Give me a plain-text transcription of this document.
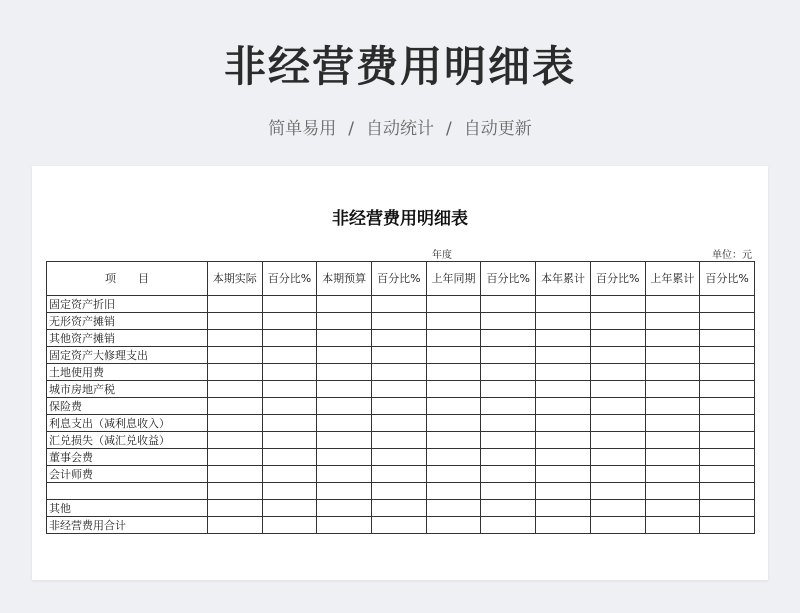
非经营费用明细表
简单易用 / 自动统计 / 自动更新
非经营费用明细表
年度	单位：元
项　　目	本期实际	百分比%	本期预算	百分比%	上年同期	百分比%	本年累计	百分比%	上年累计	百分比%
固定资产折旧										
无形资产摊销										
其他资产摊销										
固定资产大修理支出										
土地使用费										
城市房地产税										
保险费										
利息支出（减利息收入）										
汇兑损失（减汇兑收益）										
董事会费										
会计师费										

其他										
非经营费用合计										
